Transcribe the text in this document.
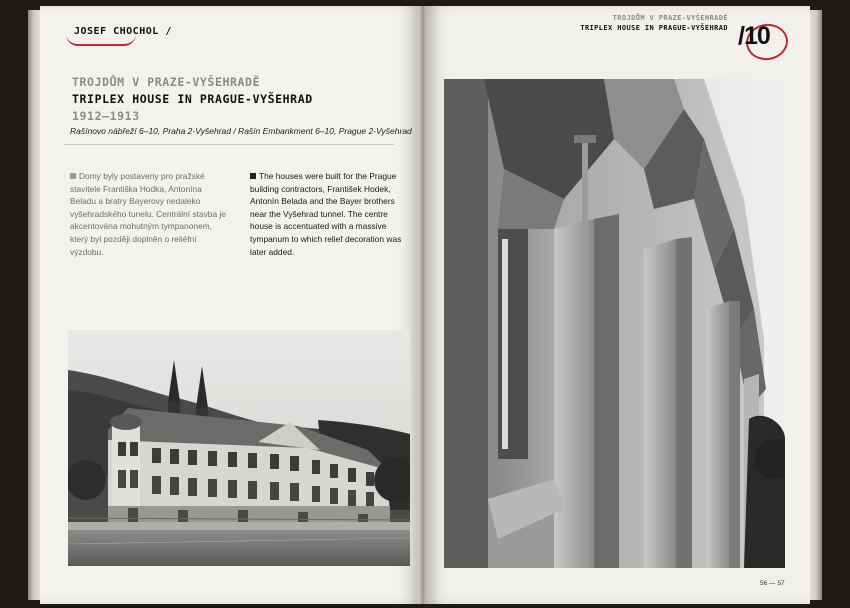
JOSEF CHOCHOL /
TROJDŮM V PRAZE-VYŠEHRADĚ
TRIPLEX HOUSE IN PRAGUE-VYŠEHRAD
1912—1913
Rašínovo nábřeží 6–10, Praha 2-Vyšehrad / Rašín Embankment 6–10, Prague 2-Vyšehrad

Domy byly postaveny pro pražské stavitele Františka Hodka, Antonína Beladu a bratry Bayerovy nedaleko vyšehradského tunelu. Centrální stavba je akcentována mohutným tympanonem, který byl později doplněn o reliéfní výzdobu.

The houses were built for the Prague building contractors, František Hodek, Antonín Belada and the Bayer brothers near the Vyšehrad tunnel. The centre house is accentuated with a massive tympanum to which relief decoration was later added.

TROJDŮM V PRAZE-VYŠEHRADĚ
TRIPLEX HOUSE IN PRAGUE-VYŠEHRAD /10
56 — 57
